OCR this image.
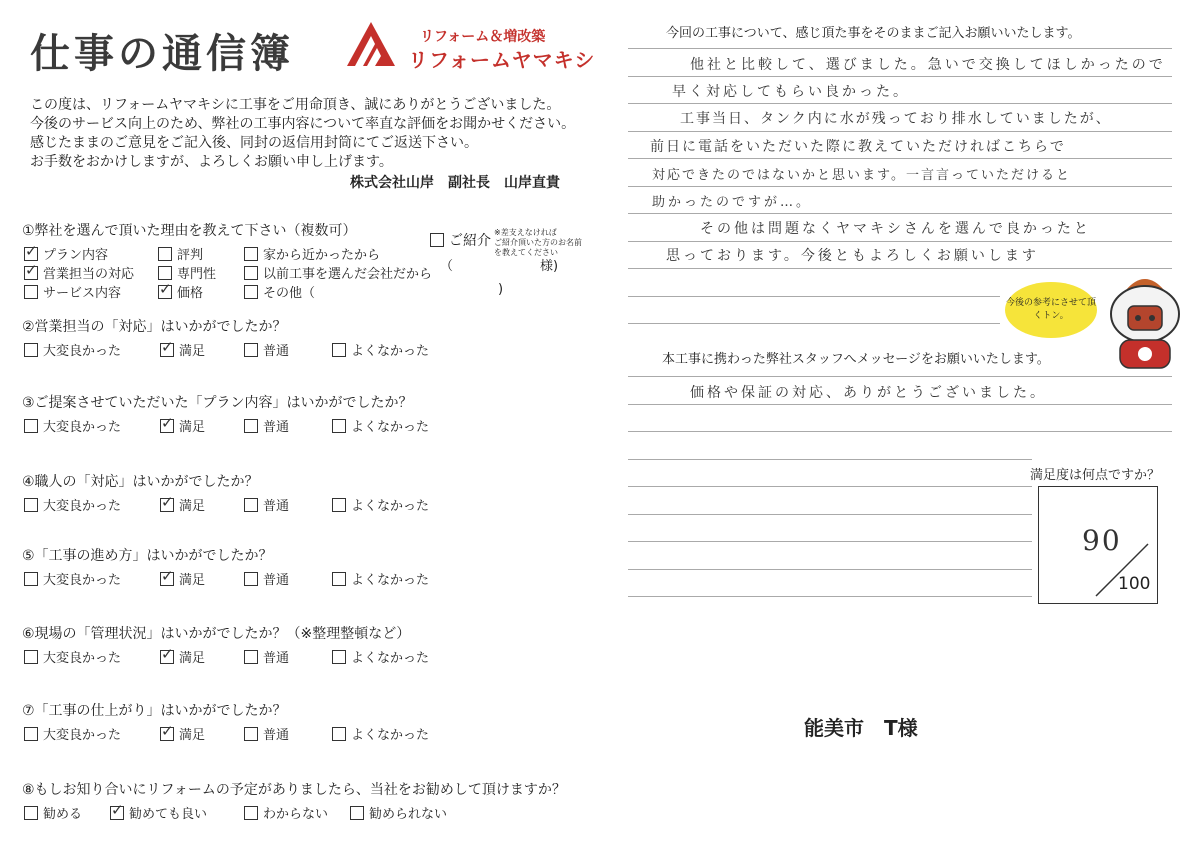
仕事の通信簿	リフォーム＆増改築
リフォームヤマキシ
この度は、リフォームヤマキシに工事をご用命頂き、誠にありがとうございました。
今後のサービス向上のため、弊社の工事内容について率直な評価をお聞かせください。
感じたままのご意見をご記入後、同封の返信用封筒にてご返送下さい。
お手数をおかけしますが、よろしくお願い申し上げます。
株式会社山岸　副社長　山岸直貴
①弊社を選んで頂いた理由を教えて下さい（複数可）
✓
プラン内容	評判	家から近かったから
✓
営業担当の対応	専門性	以前工事を選んだ会社だから
サービス内容 ✓	価格	その他（	)
ご紹介
※差支えなければ
ご紹介頂いた方のお名前
を教えてください
（	様)
②営業担当の「対応」はいかがでしたか？
大変良かった ✓	満足	普通	よくなかった
③ご提案させていただいた「プラン内容」はいかがでしたか？
大変良かった ✓	満足	普通	よくなかった
④職人の「対応」はいかがでしたか？
大変良かった ✓	満足	普通	よくなかった
⑤「工事の進め方」はいかがでしたか？
大変良かった ✓	満足	普通	よくなかった
⑥現場の「管理状況」はいかがでしたか？（※整理整頓など）
大変良かった ✓	満足	普通	よくなかった
⑦「工事の仕上がり」はいかがでしたか？
大変良かった ✓	満足	普通	よくなかった
⑧もしお知り合いにリフォームの予定がありましたら、当社をお勧めして頂けますか？
勧める ✓	勧めても良い	わからない	勧められない
今回の工事について、感じ頂た事をそのままご記入お願いいたします。
他社と比較して、選びました。急いで交換してほしかったので
早く対応してもらい良かった。
工事当日、タンク内に水が残っており排水していましたが、
前日に電話をいただいた際に教えていただければこちらで
対応できたのではないかと思います。一言言っていただけると
助かったのですが…。
その他は問題なくヤマキシさんを選んで良かったと
思っております。今後ともよろしくお願いします
今後の参考にさせて頂くトン。
本工事に携わった弊社スタッフへメッセージをお願いいたします。
価格や保証の対応、ありがとうございました。
満足度は何点ですか？
90
100
能美市　T様
